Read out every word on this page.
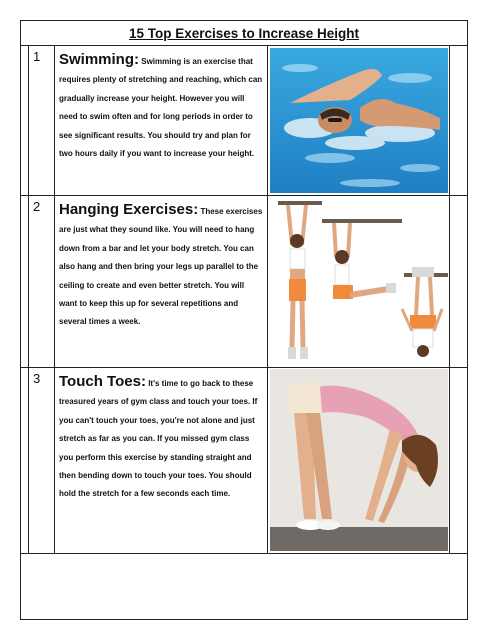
15 Top Exercises to Increase Height
1 Swimming: Swimming is an exercise that requires plenty of stretching and reaching, which can gradually increase your height. However you will need to swim often and for long periods in order to see significant results. You should try and plan for two hours daily if you want to increase your height.
2 Hanging Exercises: These exercises are just what they sound like. You will need to hang down from a bar and let your body stretch. You can also hang and then bring your legs up parallel to the ceiling to create and even better stretch. You will want to keep this up for several repetitions and several times a week.
3 Touch Toes: It's time to go back to these treasured years of gym class and touch your toes. If you can't touch your toes, you're not alone and just stretch as far as you can. If you missed gym class you perform this exercise by standing straight and then bending down to touch your toes. You should hold the stretch for a few seconds each time.
